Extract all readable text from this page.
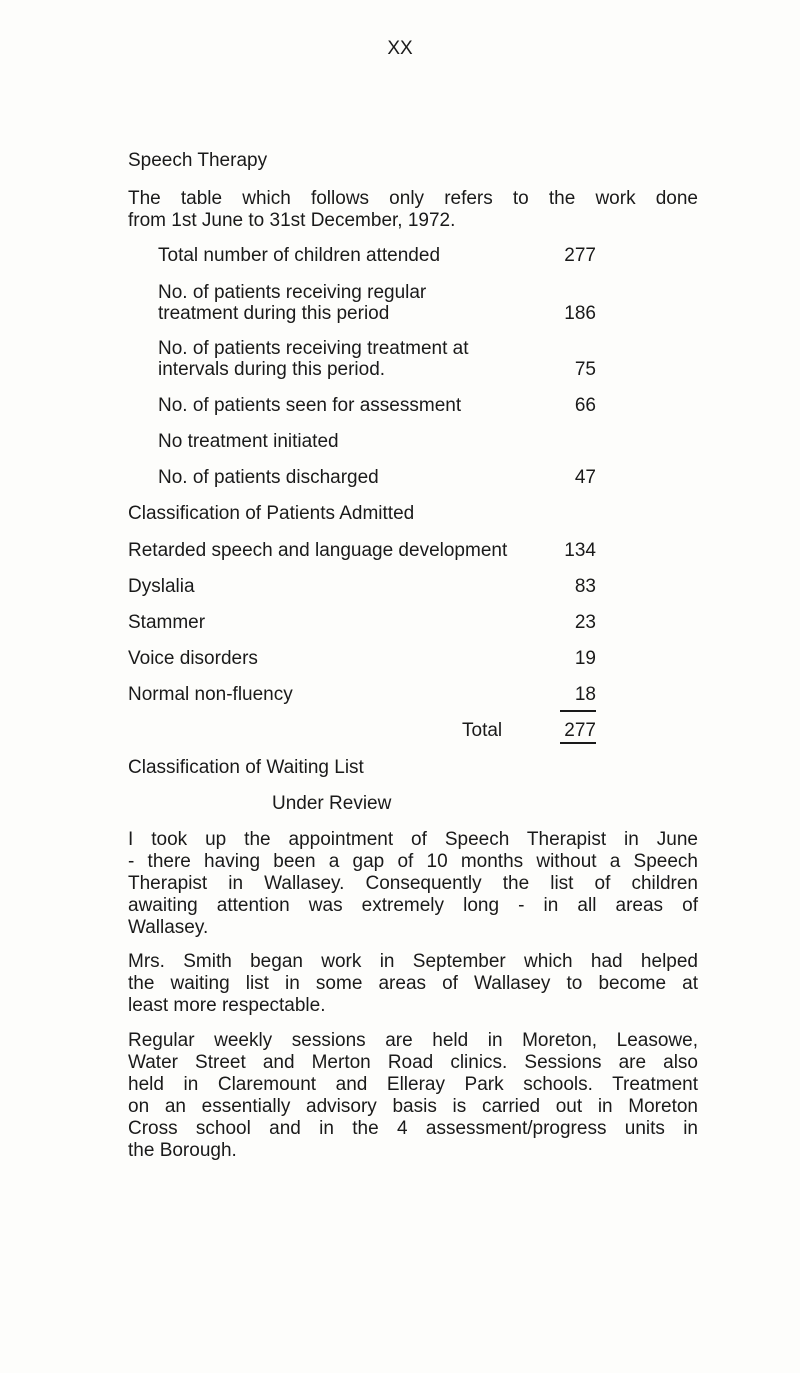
XX
Speech Therapy
The table which follows only refers to the work done
from 1st June to 31st December, 1972.
Total number of children attended	277
No. of patients receiving regular
treatment during this period	186
No. of patients receiving treatment at
intervals during this period.	75
No. of patients seen for assessment	66
No treatment initiated
No. of patients discharged	47
Classification of Patients Admitted
Retarded speech and language development	134
Dyslalia	83
Stammer	23
Voice disorders	19
Normal non-fluency	18
Total	277
Classification of Waiting List
Under Review
I took up the appointment of Speech Therapist in June
- there having been a gap of 10 months without a Speech
Therapist in Wallasey. Consequently the list of children
awaiting attention was extremely long - in all areas of
Wallasey.
Mrs. Smith began work in September which had helped
the waiting list in some areas of Wallasey to become at
least more respectable.
Regular weekly sessions are held in Moreton, Leasowe,
Water Street and Merton Road clinics. Sessions are also
held in Claremount and Elleray Park schools. Treatment
on an essentially advisory basis is carried out in Moreton
Cross school and in the 4 assessment/progress units in
the Borough.
